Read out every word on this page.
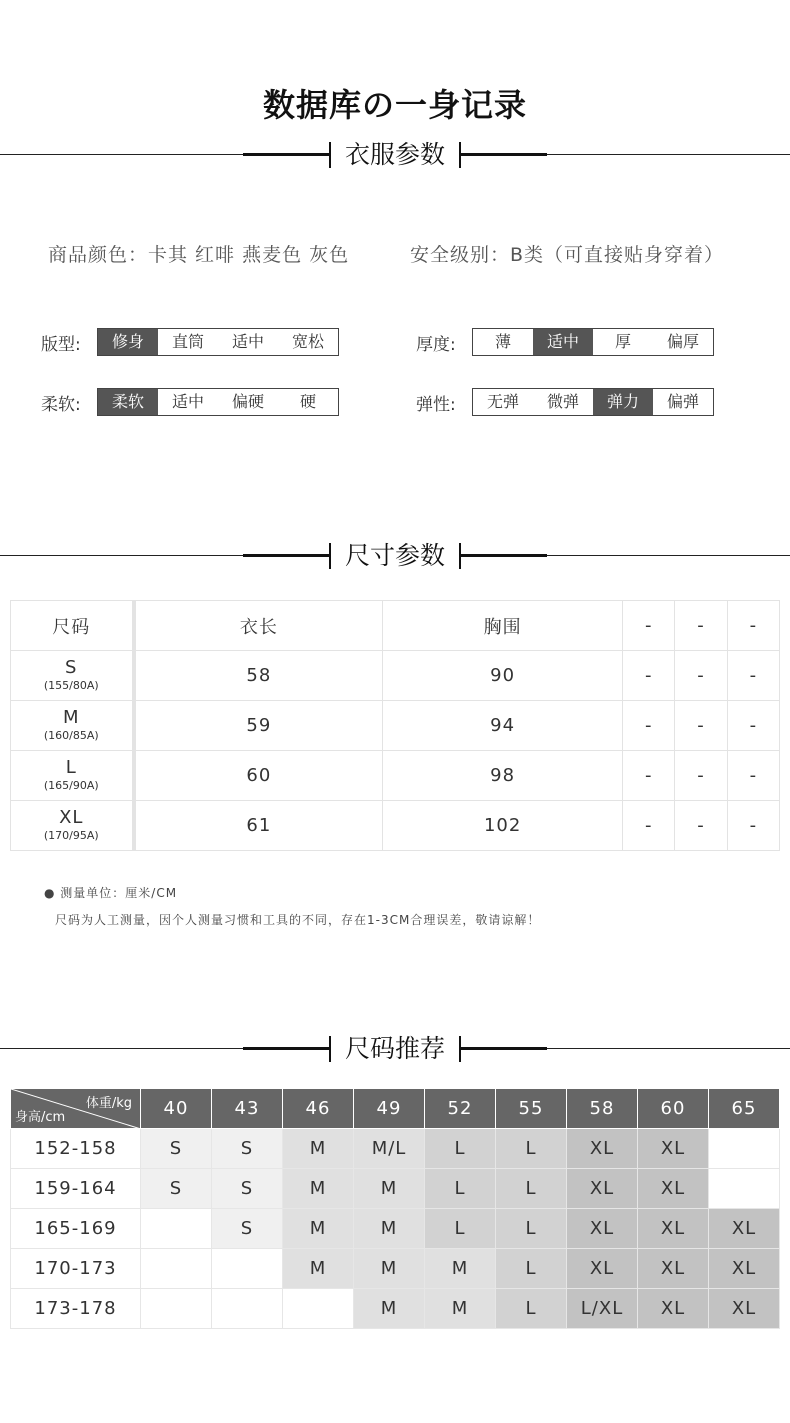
数据库の一身记录
衣服参数
商品颜色：卡其 红啡 燕麦色 灰色	安全级别：B类（可直接贴身穿着）
版型:	修身	直筒	适中	宽松	厚度:	薄	适中	厚	偏厚
柔软:	柔软	适中	偏硬	硬	弹性:	无弹	微弹	弹力	偏弹
尺寸参数
尺码	衣长	胸围	-	-	-

S
(155/80A)	58	90	-	-	-

M
(160/85A)	59	94	-	-	-

L
(165/90A)	60	98	-	-	-

XL
(170/95A)	61	102	-	-	-
● 测量单位：厘米/CM
尺码为人工测量，因个人测量习惯和工具的不同，存在1-3CM合理误差，敬请谅解！
尺码推荐
体重/kg
身高/cm	40	43	46	49	52	55	58	60	65
152-158	S	S	M	M/L	L	L	XL	XL	
159-164	S	S	M	M	L	L	XL	XL	
165-169		S	M	M	L	L	XL	XL	XL
170-173			M	M	M	L	XL	XL	XL
173-178				M	M	L	L/XL	XL	XL
